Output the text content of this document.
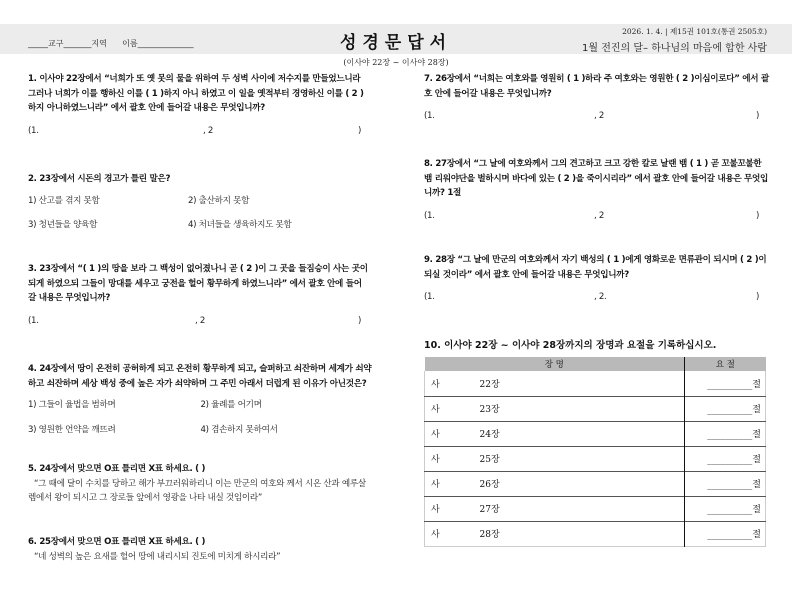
_____교구_______지역      이름______________	성경문답서
2026. 1. 4. | 제15권 101호(통권 2505호)
1월 전진의 달– 하나님의 마음에 합한 사람
(이사야 22장 ~ 이사야 28장)
1. 이사야 22장에서 “너희가 또 옛 못의 물을 위하여 두 성벽 사이에 저수지를 만들었느니라 그러나 너희가 이를 행하신 이를 ( 1 )하지 아니 하였고 이 일을 옛적부터 경영하신 이를 ( 2 )하지 아니하였느니라” 에서 괄호 안에 들어갈 내용은 무엇입니까?
(1.	, 2	)
2. 23장에서 시돈의 경고가 틀린 말은?
1) 산고를 겪지 못함	2) 출산하지 못함
3) 청년들을 양육함	4) 처녀들을 생육하지도 못함
3. 23장에서 “( 1 )의 땅을 보라 그 백성이 없어졌나니 곧 ( 2 )이 그 곳을 들짐승이 사는 곳이 되게 하였으되 그들이 망대를 세우고 궁전을 헐어 황무하게 하였느니라” 에서 괄호 안에 들어갈 내용은 무엇입니까?
(1.	, 2	)
4. 24장에서 땅이 온전히 공허하게 되고 온전히 황무하게 되고, 슬퍼하고 쇠잔하며 세계가 쇠약하고 쇠잔하며 세상 백성 중에 높은 자가 쇠약하며 그 주민 아래서 더럽게 된 이유가 아닌것은?
1) 그들이 율법을 범하며	2) 율례를 어기며
3) 영원한 언약을 깨뜨려	4) 겸손하지 못하여서
5. 24장에서 맞으면 O표 틀리면 X표 하세요. ( )
“그 때에 달이 수치를 당하고 해가 부끄러워하리니 이는 만군의 여호와 께서 시온 산과 예루살렘에서 왕이 되시고 그 장로들 앞에서 영광을 나타 내실 것임이라”
6. 25장에서 맞으면 O표 틀리면 X표 하세요. ( )
“네 성벽의 높은 요새를 헐어 땅에 내리시되 진토에 미치게 하시리라”
7. 26장에서 “너희는 여호와를 영원히 ( 1 )하라 주 여호와는 영원한 ( 2 )이심이로다” 에서 괄호 안에 들어갈 내용은 무엇입니까?
(1.	, 2	)
8. 27장에서 “그 날에 여호와께서 그의 견고하고 크고 강한 칼로 날랜 뱀 ( 1 ) 곧 꼬불꼬불한 뱀 리워야단을 벌하시며 바다에 있는 ( 2 )을 죽이시리라” 에서 괄호 안에 들어갈 내용은 무엇입니까? 1절
(1.	, 2	)
9. 28장 “그 날에 만군의 여호와께서 자기 백성의 ( 1 )에게 영화로운 면류관이 되시며 ( 2 )이 되실 것이라” 에서 괄호 안에 들어갈 내용은 무엇입니까?
(1.	, 2.	)
10. 이사야 22장 ~ 이사야 28장까지의 장명과 요절을 기록하십시오.
장 명		요 절
사	22장	__________절
사	23장	__________절
사	24장	__________절
사	25장	__________절
사	26장	__________절
사	27장	__________절
사	28장	__________절
